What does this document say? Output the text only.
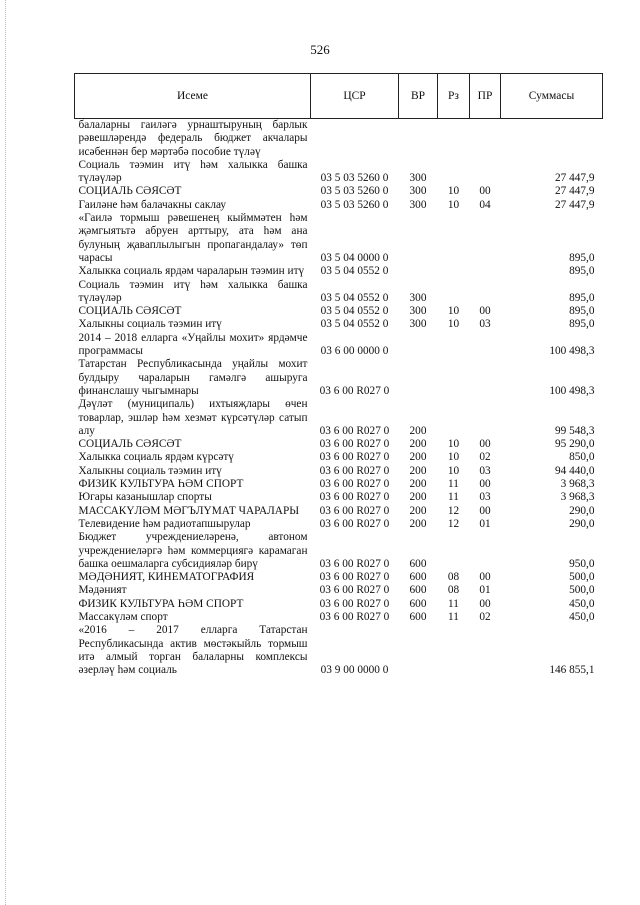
526
Исеме	ЦСР	ВР	Рз	ПР	Суммасы
балаларны гаиләгә урнаштыруның барлык рәвешләрендә федераль бюджет акчалары исәбеннән бер мәртәбә пособие түләү					
Социаль тәэмин итү һәм халыкка башка түләүләр	03 5 03 5260 0	300			27 447,9
СОЦИАЛЬ СӘЯСӘТ	03 5 03 5260 0	300	10	00	27 447,9
Гаиләне һәм балачакны саклау	03 5 03 5260 0	300	10	04	27 447,9
«Гаилә тормыш рәвешенең кыйммәтен һәм җәмгыятьтә абруен арттыру, ата һәм ана булуның җаваплылыгын пропагандалау» төп чарасы	03 5 04 0000 0				895,0
Халыкка социаль ярдәм чараларын тәэмин итү	03 5 04 0552 0				895,0
Социаль тәэмин итү һәм халыкка башка түләүләр	03 5 04 0552 0	300			895,0
СОЦИАЛЬ СӘЯСӘТ	03 5 04 0552 0	300	10	00	895,0
Халыкны социаль тәэмин итү	03 5 04 0552 0	300	10	03	895,0
2014 – 2018 елларга «Уңайлы мохит» ярдәмче программасы	03 6 00 0000 0				100 498,3
Татарстан Республикасында уңайлы мохит булдыру чараларын гамәлгә ашыруга финанслашу чыгымнары	03 6 00 R027 0				100 498,3
Дәүләт (муниципаль) ихтыяҗлары өчен товарлар, эшләр һәм хезмәт күрсәтүләр сатып алу	03 6 00 R027 0	200			99 548,3
СОЦИАЛЬ СӘЯСӘТ	03 6 00 R027 0	200	10	00	95 290,0
Халыкка социаль ярдәм күрсәтү	03 6 00 R027 0	200	10	02	850,0
Халыкны социаль тәэмин итү	03 6 00 R027 0	200	10	03	94 440,0
ФИЗИК КУЛЬТУРА ҺӘМ СПОРТ	03 6 00 R027 0	200	11	00	3 968,3
Югары казанышлар спорты	03 6 00 R027 0	200	11	03	3 968,3
МАССАКҮЛӘМ МӘГЪЛҮМАТ ЧАРАЛАРЫ	03 6 00 R027 0	200	12	00	290,0
Телевидение һәм радиотапшырулар	03 6 00 R027 0	200	12	01	290,0
Бюджет учреждениеләренә, автоном учреждениеләргә һәм коммерциягә карамаган башка оешмаларга субсидияләр бирү	03 6 00 R027 0	600			950,0
МӘДӘНИЯТ, КИНЕМАТОГРАФИЯ	03 6 00 R027 0	600	08	00	500,0
Мәдәният	03 6 00 R027 0	600	08	01	500,0
ФИЗИК КУЛЬТУРА ҺӘМ СПОРТ	03 6 00 R027 0	600	11	00	450,0
Массакүләм спорт	03 6 00 R027 0	600	11	02	450,0
«2016 – 2017 елларга Татарстан Республикасында актив мөстәкыйль тормыш итә алмый торган балаларны комплексы әзерләү һәм социаль	03 9 00 0000 0				146 855,1
